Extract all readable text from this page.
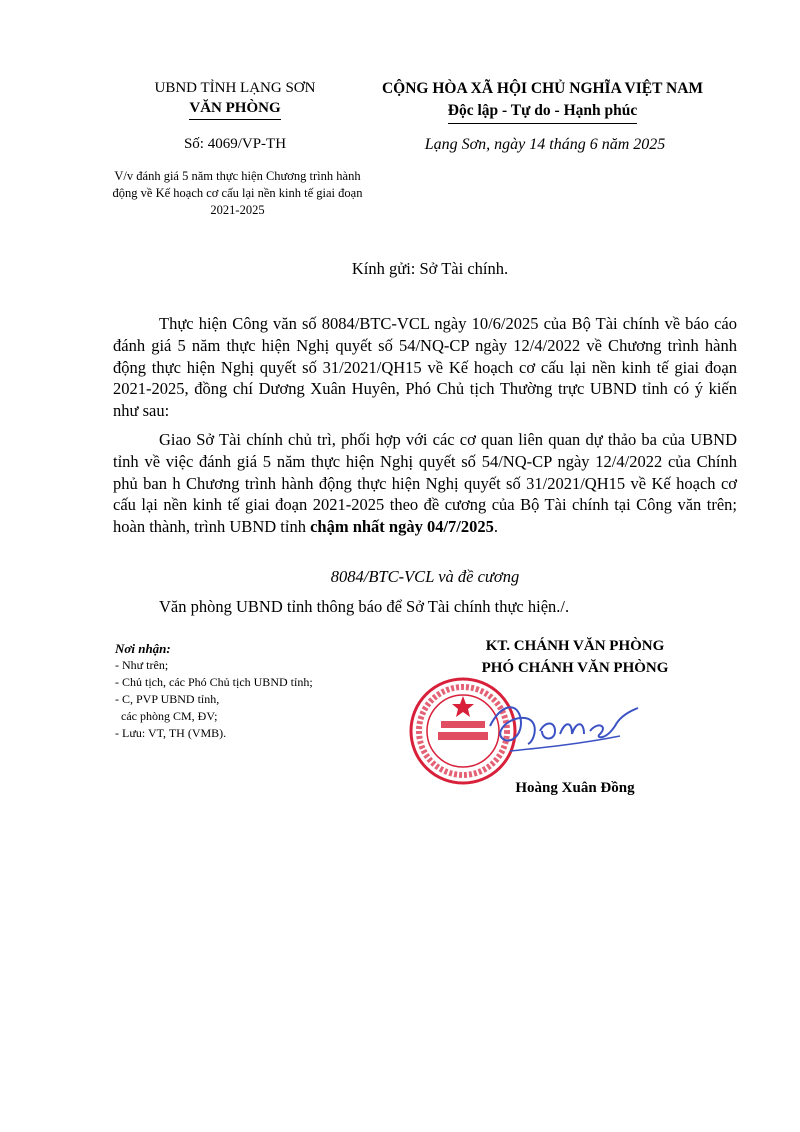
UBND TỈNH LẠNG SƠN
VĂN PHÒNG
CỘNG HÒA XÃ HỘI CHỦ NGHĨA VIỆT NAM
Độc lập - Tự do - Hạnh phúc
Số: 4069/VP-TH	Lạng Sơn, ngày 14 tháng 6 năm 2025
V/v đánh giá 5 năm thực hiện Chương trình hành động về Kế hoạch cơ cấu lại nền kinh tế giai đoạn 2021-2025
Kính gửi: Sở Tài chính.
Thực hiện Công văn số 8084/BTC-VCL ngày 10/6/2025 của Bộ Tài chính về báo cáo đánh giá 5 năm thực hiện Nghị quyết số 54/NQ-CP ngày 12/4/2022 về Chương trình hành động thực hiện Nghị quyết số 31/2021/QH15 về Kế hoạch cơ cấu lại nền kinh tế giai đoạn 2021-2025, đồng chí Dương Xuân Huyên, Phó Chủ tịch Thường trực UBND tỉnh có ý kiến như sau:
Giao Sở Tài chính chủ trì, phối hợp với các cơ quan liên quan dự thảo ba của UBND tỉnh về việc đánh giá 5 năm thực hiện Nghị quyết số 54/NQ-CP ngày 12/4/2022 của Chính phủ ban h Chương trình hành động thực hiện Nghị quyết số 31/2021/QH15 về Kế hoạch cơ cấu lại nền kinh tế giai đoạn 2021-2025 theo đề cương của Bộ Tài chính tại Công văn trên; hoàn thành, trình UBND tỉnh chậm nhất ngày 04/7/2025.
8084/BTC-VCL và đề cương
Văn phòng UBND tỉnh thông báo để Sở Tài chính thực hiện./.
Nơi nhận:
- Như trên;
- Chủ tịch, các Phó Chủ tịch UBND tỉnh;
- C, PVP UBND tỉnh,
các phòng CM, ĐV;
- Lưu: VT, TH (VMB).
KT. CHÁNH VĂN PHÒNG
PHÓ CHÁNH VĂN PHÒNG
Hoàng Xuân Đồng
